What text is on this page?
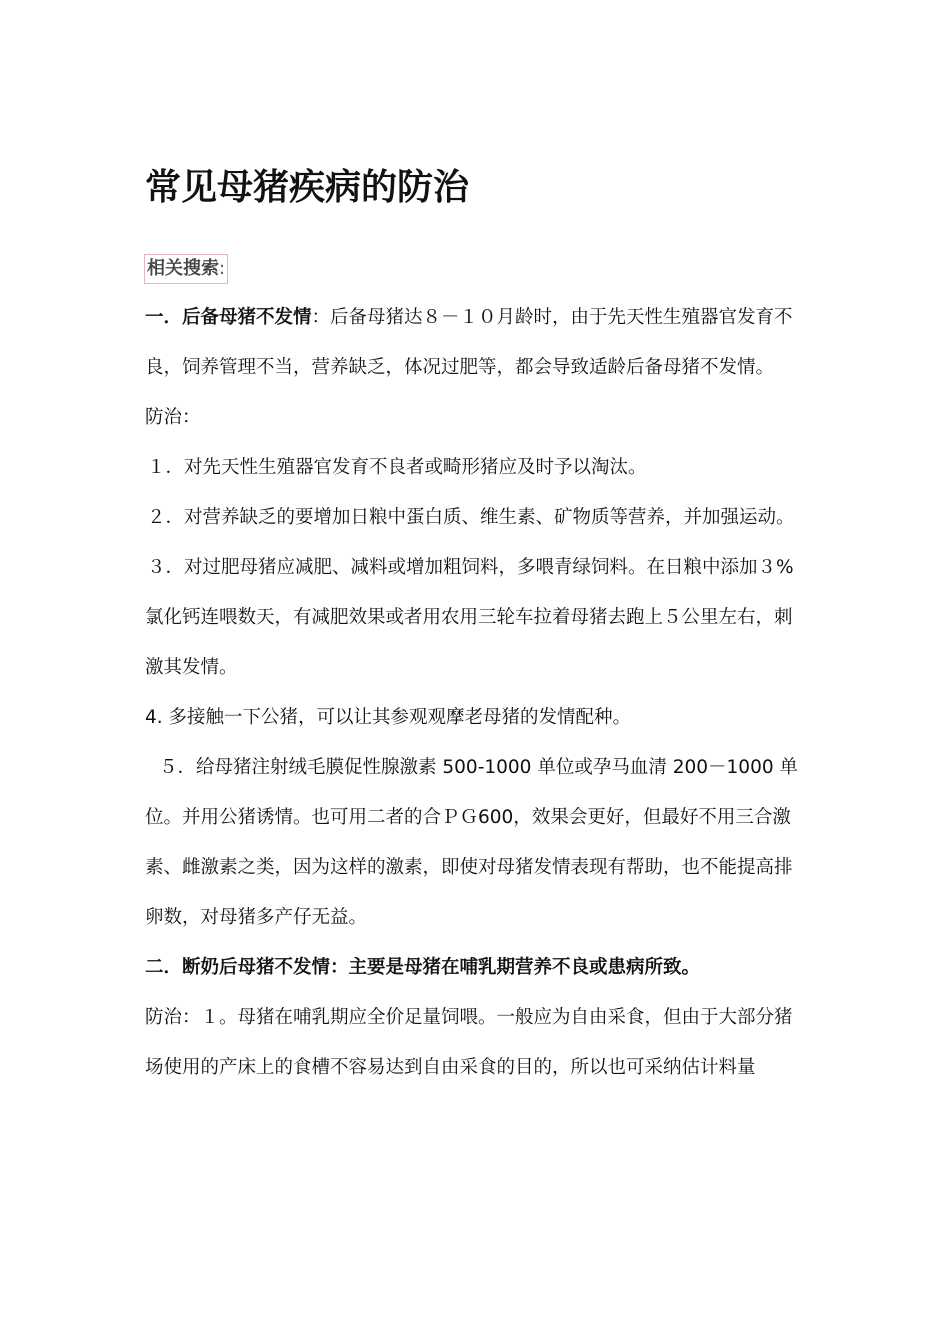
常见母猪疾病的防治
相关搜索:

一．后备母猪不发情：后备母猪达８－１０月龄时，由于先天性生殖器官发育不良，饲养管理不当，营养缺乏，体况过肥等，都会导致适龄后备母猪不发情。

防治：

１．对先天性生殖器官发育不良者或畸形猪应及时予以淘汰。

２．对营养缺乏的要增加日粮中蛋白质、维生素、矿物质等营养，并加强运动。

３．对过肥母猪应减肥、减料或增加粗饲料，多喂青绿饲料。在日粮中添加３%氯化钙连喂数天，有减肥效果或者用农用三轮车拉着母猪去跑上５公里左右，刺激其发情。

4. 多接触一下公猪，可以让其参观观摩老母猪的发情配种。

５．给母猪注射绒毛膜促性腺激素 500-1000 单位或孕马血清 200－1000 单位。并用公猪诱情。也可用二者的合ＰＧ600，效果会更好，但最好不用三合激素、雌激素之类，因为这样的激素，即使对母猪发情表现有帮助，也不能提高排卵数，对母猪多产仔无益。

二．断奶后母猪不发情：主要是母猪在哺乳期营养不良或患病所致。

防治：１。母猪在哺乳期应全价足量饲喂。一般应为自由采食，但由于大部分猪场使用的产床上的食槽不容易达到自由采食的目的，所以也可采纳估计料量
